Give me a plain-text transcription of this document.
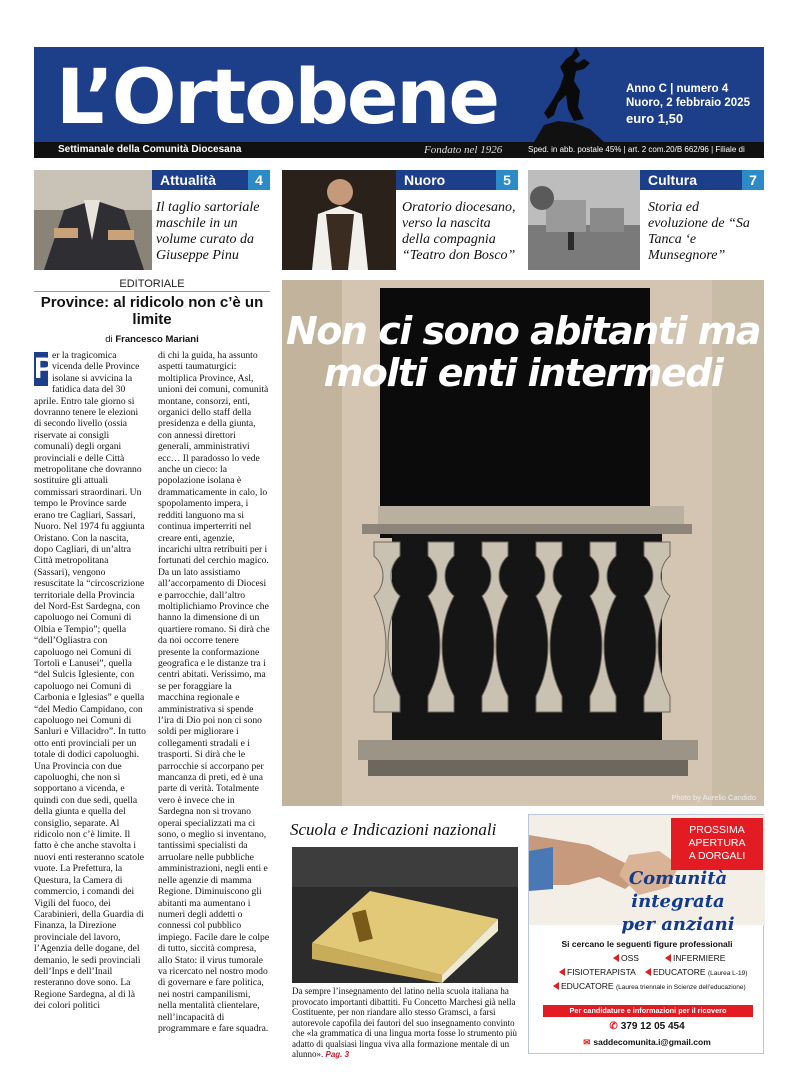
L’Ortobene	Anno C | numero 4
Nuoro, 2 febbraio 2025
euro 1,50
Settimanale della Comunità Diocesana	Fondato nel 1926	Sped. in abb. postale 45% | art. 2 com.20/B 662/96 | Filiale di Nuoro
Attualità	4
Il taglio sartoriale maschile in un volume curato da Giuseppe Pinu
Nuoro	5
Oratorio diocesano, verso la nascita della compagnia “Teatro don Bosco”
Cultura	7
Storia ed evoluzione de “Sa Tanca ‘e Munsegnore”
EDITORIALE
Province: al ridicolo non c’è un limite
di Francesco Mariani
P
er la tragicomica vicenda delle Province isolane si avvicina la fatidica data del 30 aprile. Entro tale giorno si dovranno tenere le elezioni di secondo livello (ossia riservate ai consigli comunali) degli organi provinciali e delle Città metropolitane che dovranno sostituire gli attuali commissari straordinari. Un tempo le Province sarde erano tre Cagliari, Sassari, Nuoro. Nel 1974 fu aggiunta Oristano. Con la nascita, dopo Cagliari, di un’altra Città metropolitana (Sassari), vengono resuscitate la “circoscrizione territoriale della Provincia del Nord-Est Sardegna, con capoluogo nei Comuni di Olbia e Tempio”; quella “dell’Ogliastra con capoluogo nei Comuni di Tortolì e Lanusei”, quella “del Sulcis Iglesiente, con capoluogo nei Comuni di Carbonia e Iglesias” e quella “del Medio Campidano, con capoluogo nei Comuni di Sanluri e Villacidro”. In tutto otto enti provinciali per un totale di dodici capoluoghi. Una Provincia con due capoluoghi, che non si sopportano a vicenda, e quindi con due sedi, quella della giunta e quella del consiglio, separate. Al ridicolo non c’è limite. Il fatto è che anche stavolta i nuovi enti resteranno scatole vuote. La Prefettura, la Questura, la Camera di commercio, i comandi dei Vigili del fuoco, dei Carabinieri, della Guardia di Finanza, la Direzione provinciale del lavoro, l’Agenzia delle dogane, del demanio, le sedi provinciali dell’Inps e dell’Inail resteranno dove sono. La Regione Sardegna, al di là dei colori politici
di chi la guida, ha assunto aspetti taumaturgici: moltiplica Province, Asl, unioni dei comuni, comunità montane, consorzi, enti, organici dello staff della presidenza e della giunta, con annessi direttori generali, amministrativi ecc… Il paradosso lo vede anche un cieco: la popolazione isolana è drammaticamente in calo, lo spopolamento impera, i redditi languono ma si continua imperterriti nel creare enti, agenzie, incarichi ultra retribuiti per i fortunati del cerchio magico. Da un lato assistiamo all’accorpamento di Diocesi e parrocchie, dall’altro moltiplichiamo Province che hanno la dimensione di un quartiere romano. Si dirà che da noi occorre tenere presente la conformazione geografica e le distanze tra i centri abitati. Verissimo, ma se per foraggiare la macchina regionale e amministrativa si spende l’ira di Dio poi non ci sono soldi per migliorare i collegamenti stradali e i trasporti. Si dirà che le parrocchie si accorpano per mancanza di preti, ed è una parte di verità. Totalmente vero è invece che in Sardegna non si trovano operai specializzati ma ci sono, o meglio si inventano, tantissimi specialisti da arruolare nelle pubbliche amministrazioni, negli enti e nelle agenzie di mamma Regione. Diminuiscono gli abitanti ma aumentano i numeri degli addetti o connessi col pubblico impiego. Facile dare le colpe di tutto, siccità compresa, allo Stato: il virus tumorale va ricercato nel nostro modo di governare e fare politica, nei nostri campanilismi, nella mentalità clientelare, nell’incapacità di programmare e fare squadra.
Non ci sono abitanti ma molti enti intermedi
Photo by Aurelio Candido
Scuola e Indicazioni nazionali
Da sempre l’insegnamento del latino nella scuola italiana ha provocato importanti dibattiti. Fu Concetto Marchesi già nella Costituente, per non riandare allo stesso Gramsci, a farsi autorevole capofila dei fautori del suo insegnamento convinto che «la grammatica di una lingua morta fosse lo strumento più adatto di qualsiasi lingua viva alla formazione mentale di un alunno». Pag. 3
PROSSIMA
APERTURA
A DORGALI
Comunità
integrata
per anziani
Si cercano le seguenti figure professionali
OSS	INFERMIERE
FISIOTERAPISTA	EDUCATORE (Laurea L-19)
EDUCATORE (Laurea triennale in Scienze dell’educazione)
Per candidature e informazioni per il ricovero
✆ 379 12 05 454
✉ saddecomunita.i@gmail.com
